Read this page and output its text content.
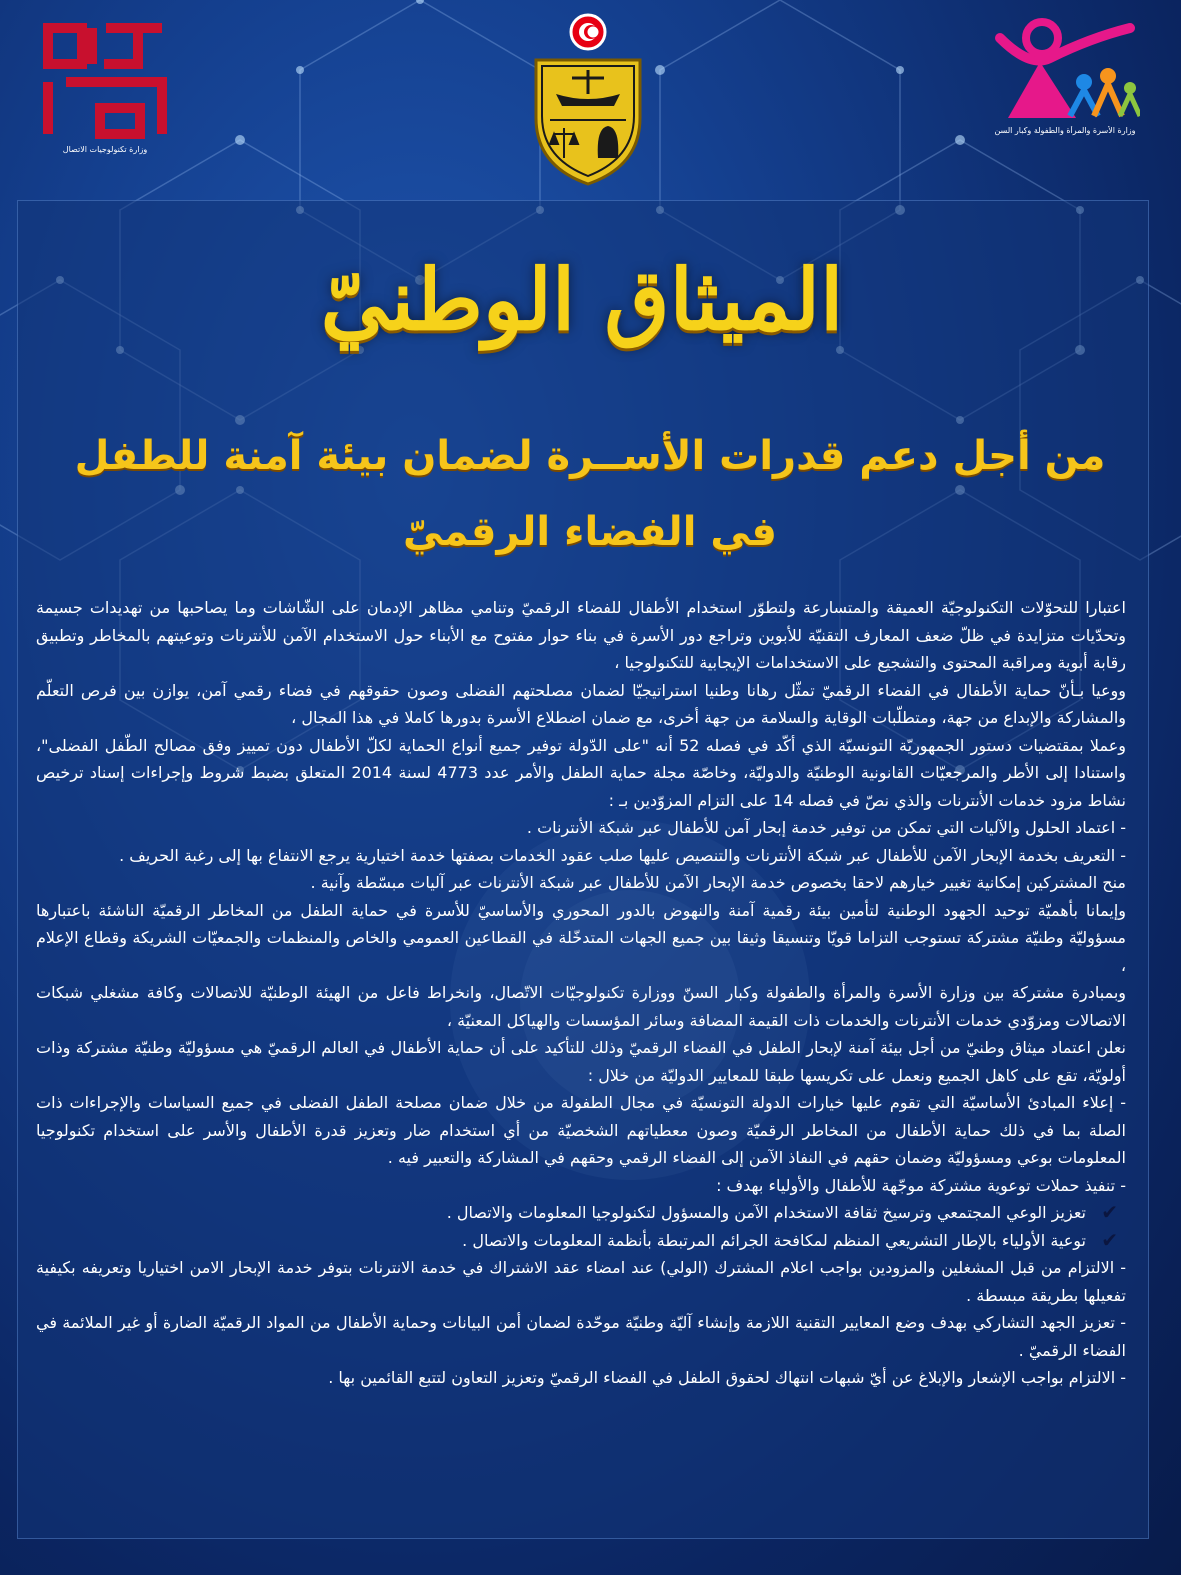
وزارة تكنولوجيات الاتصال
وزارة الأسرة والمرأة والطفولة وكبار السن
الميثاق الوطنيّ
من أجل دعم قدرات الأســرة لضمان بيئة آمنة للطفل في الفضاء الرقميّ

اعتبارا للتحوّلات التكنولوجيّة العميقة والمتسارعة ولتطوّر استخدام الأطفال للفضاء الرقميّ وتنامي مظاهر الإدمان على الشّاشات وما يصاحبها من تهديدات جسيمة وتحدّيات متزايدة في ظلّ ضعف المعارف التقنيّة للأبوين وتراجع دور الأسرة في بناء حوار مفتوح مع الأبناء حول الاستخدام الآمن للأنترنات وتوعيتهم بالمخاطر وتطبيق رقابة أبوية ومراقبة المحتوى والتشجيع على الاستخدامات الإيجابية للتكنولوجيا ،

ووعيا بـأنّ حماية الأطفال في الفضاء الرقميّ تمثّل رهانا وطنيا استراتيجيّا لضمان مصلحتهم الفضلى وصون حقوقهم في فضاء رقمي آمن، يوازن بين فرص التعلّم والمشاركة والإبداع من جهة، ومتطلّبات الوقاية والسلامة من جهة أخرى، مع ضمان اضطلاع الأسرة بدورها كاملا في هذا المجال ،

وعملا بمقتضيات دستور الجمهوريّة التونسيّة الذي أكّد في فصله 52 أنه "على الدّولة توفير جميع أنواع الحماية لكلّ الأطفال دون تمييز وفق مصالح الطّفل الفضلى"، واستنادا إلى الأطر والمرجعيّات القانونية الوطنيّة والدوليّة، وخاصّة مجلة حماية الطفل والأمر عدد 4773 لسنة 2014 المتعلق بضبط شروط وإجراءات إسناد ترخيص نشاط مزود خدمات الأنترنات والذي نصّ في فصله 14 على التزام المزوّدين بـ :

- اعتماد الحلول والآليات التي تمكن من توفير خدمة إبحار آمن للأطفال عبر شبكة الأنترنات .

- التعريف بخدمة الإبحار الآمن للأطفال عبر شبكة الأنترنات والتنصيص عليها صلب عقود الخدمات بصفتها خدمة اختيارية يرجع الانتفاع بها إلى رغبة الحريف .

منح المشتركين إمكانية تغيير خيارهم لاحقا بخصوص خدمة الإبحار الآمن للأطفال عبر شبكة الأنترنات عبر آليات مبسّطة وآنية .

وإيمانا بأهميّة توحيد الجهود الوطنية لتأمين بيئة رقمية آمنة والنهوض بالدور المحوري والأساسيّ للأسرة في حماية الطفل من المخاطر الرقميّة الناشئة باعتبارها مسؤوليّة وطنيّة مشتركة تستوجب التزاما قويّا وتنسيقا وثيقا بين جميع الجهات المتدخّلة في القطاعين العمومي والخاص والمنظمات والجمعيّات الشريكة وقطاع الإعلام ،

وبمبادرة مشتركة بين وزارة الأسرة والمرأة والطفولة وكبار السنّ ووزارة تكنولوجيّات الاتّصال، وانخراط فاعل من الهيئة الوطنيّة للاتصالات وكافة مشغلي شبكات الاتصالات ومزوّدي خدمات الأنترنات والخدمات ذات القيمة المضافة وسائر المؤسسات والهياكل المعنيّة ،

نعلن اعتماد ميثاق وطنيّ من أجل بيئة آمنة لإبحار الطفل في الفضاء الرقميّ وذلك للتأكيد على أن حماية الأطفال في العالم الرقميّ هي مسؤوليّة وطنيّة مشتركة وذات أولويّة، تقع على كاهل الجميع ونعمل على تكريسها طبقا للمعايير الدوليّة من خلال :

- إعلاء المبادئ الأساسيّة التي تقوم عليها خيارات الدولة التونسيّة في مجال الطفولة من خلال ضمان مصلحة الطفل الفضلى في جميع السياسات والإجراءات ذات الصلة بما في ذلك حماية الأطفال من المخاطر الرقميّة وصون معطياتهم الشخصيّة من أي استخدام ضار وتعزيز قدرة الأطفال والأسر على استخدام تكنولوجيا المعلومات بوعي ومسؤوليّة وضمان حقهم في النفاذ الآمن إلى الفضاء الرقمي وحقهم في المشاركة والتعبير فيه .

- تنفيذ حملات توعوية مشتركة موجّهة للأطفال والأولياء بهدف :

✔
تعزيز الوعي المجتمعي وترسيخ ثقافة الاستخدام الآمن والمسؤول لتكنولوجيا المعلومات والاتصال .

✔
توعية الأولياء بالإطار التشريعي المنظم لمكافحة الجرائم المرتبطة بأنظمة المعلومات والاتصال .

- الالتزام من قبل المشغلين والمزودين بواجب اعلام المشترك (الولي) عند امضاء عقد الاشتراك في خدمة الانترنات بتوفر خدمة الإبحار الامن اختياريا وتعريفه بكيفية تفعيلها بطريقة مبسطة .

- تعزيز الجهد التشاركي بهدف وضع المعايير التقنية اللازمة وإنشاء آليّة وطنيّة موحّدة لضمان أمن البيانات وحماية الأطفال من المواد الرقميّة الضارة أو غير الملائمة في الفضاء الرقميّ .

- الالتزام بواجب الإشعار والإبلاغ عن أيّ شبهات انتهاك لحقوق الطفل في الفضاء الرقميّ وتعزيز التعاون لتتبع القائمين بها .
